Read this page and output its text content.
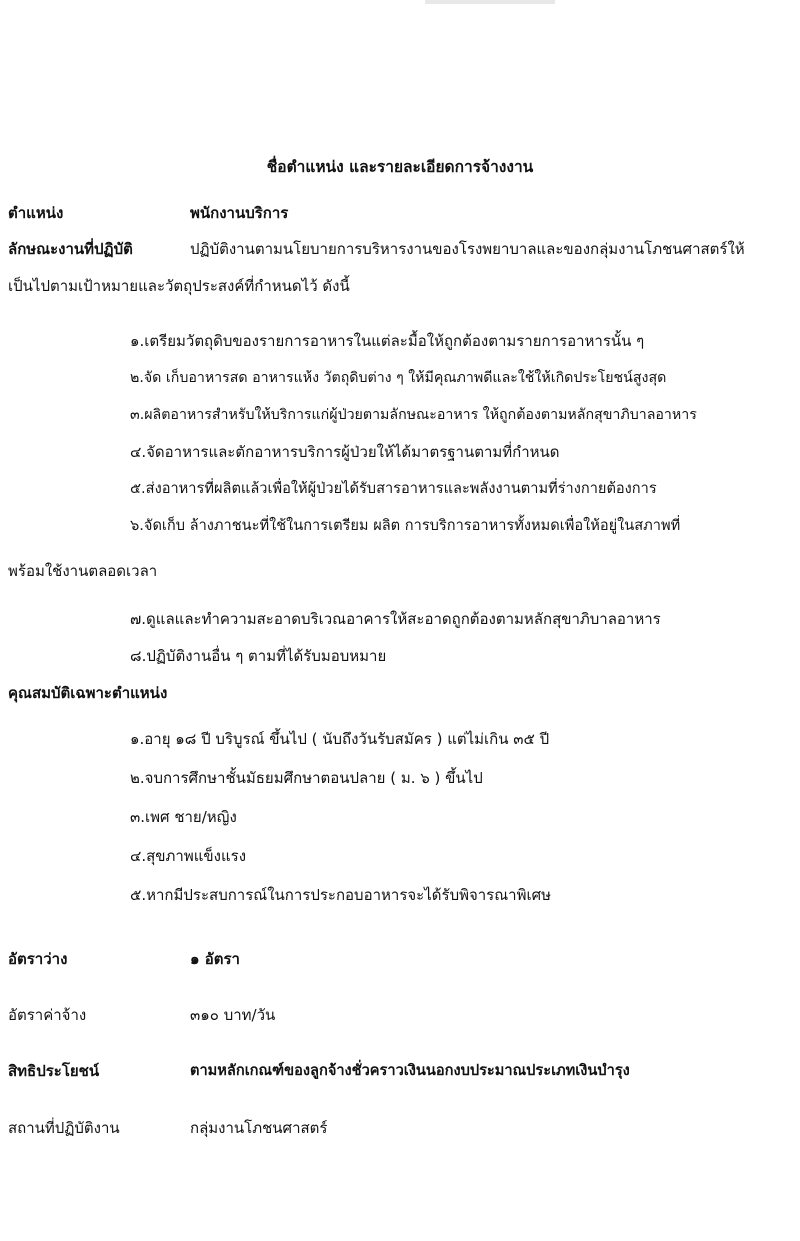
ชื่อตำแหน่ง และรายละเอียดการจ้างงาน
ตำแหน่ง	พนักงานบริการ
ลักษณะงานที่ปฏิบัติ	ปฏิบัติงานตามนโยบายการบริหารงานของโรงพยาบาลและของกลุ่มงานโภชนศาสตร์ให้
เป็นไปตามเป้าหมายและวัตถุประสงค์ที่กำหนดไว้ ดังนี้
๑.เตรียมวัตถุดิบของรายการอาหารในแต่ละมื้อให้ถูกต้องตามรายการอาหารนั้น ๆ
๒.จัด เก็บอาหารสด อาหารแห้ง วัตถุดิบต่าง ๆ ให้มีคุณภาพดีและใช้ให้เกิดประโยชน์สูงสุด
๓.ผลิตอาหารสำหรับให้บริการแก่ผู้ป่วยตามลักษณะอาหาร ให้ถูกต้องตามหลักสุขาภิบาลอาหาร
๔.จัดอาหารและตักอาหารบริการผู้ป่วยให้ได้มาตรฐานตามที่กำหนด
๕.ส่งอาหารที่ผลิตแล้วเพื่อให้ผู้ป่วยได้รับสารอาหารและพลังงานตามที่ร่างกายต้องการ
๖.จัดเก็บ ล้างภาชนะที่ใช้ในการเตรียม ผลิต การบริการอาหารทั้งหมดเพื่อให้อยู่ในสภาพที่
พร้อมใช้งานตลอดเวลา
๗.ดูแลและทำความสะอาดบริเวณอาคารให้สะอาดถูกต้องตามหลักสุขาภิบาลอาหาร
๘.ปฏิบัติงานอื่น ๆ ตามที่ได้รับมอบหมาย
คุณสมบัติเฉพาะตำแหน่ง
๑.อายุ ๑๘ ปี บริบูรณ์ ขึ้นไป ( นับถึงวันรับสมัคร ) แต่ไม่เกิน ๓๕ ปี
๒.จบการศึกษาชั้นมัธยมศึกษาตอนปลาย ( ม. ๖ ) ขึ้นไป
๓.เพศ ชาย/หญิง
๔.สุขภาพแข็งแรง
๕.หากมีประสบการณ์ในการประกอบอาหารจะได้รับพิจารณาพิเศษ
อัตราว่าง	๑ อัตรา
อัตราค่าจ้าง	๓๑๐ บาท/วัน
สิทธิประโยชน์	ตามหลักเกณฑ์ของลูกจ้างชั่วคราวเงินนอกงบประมาณประเภทเงินบำรุง
สถานที่ปฏิบัติงาน	กลุ่มงานโภชนศาสตร์
